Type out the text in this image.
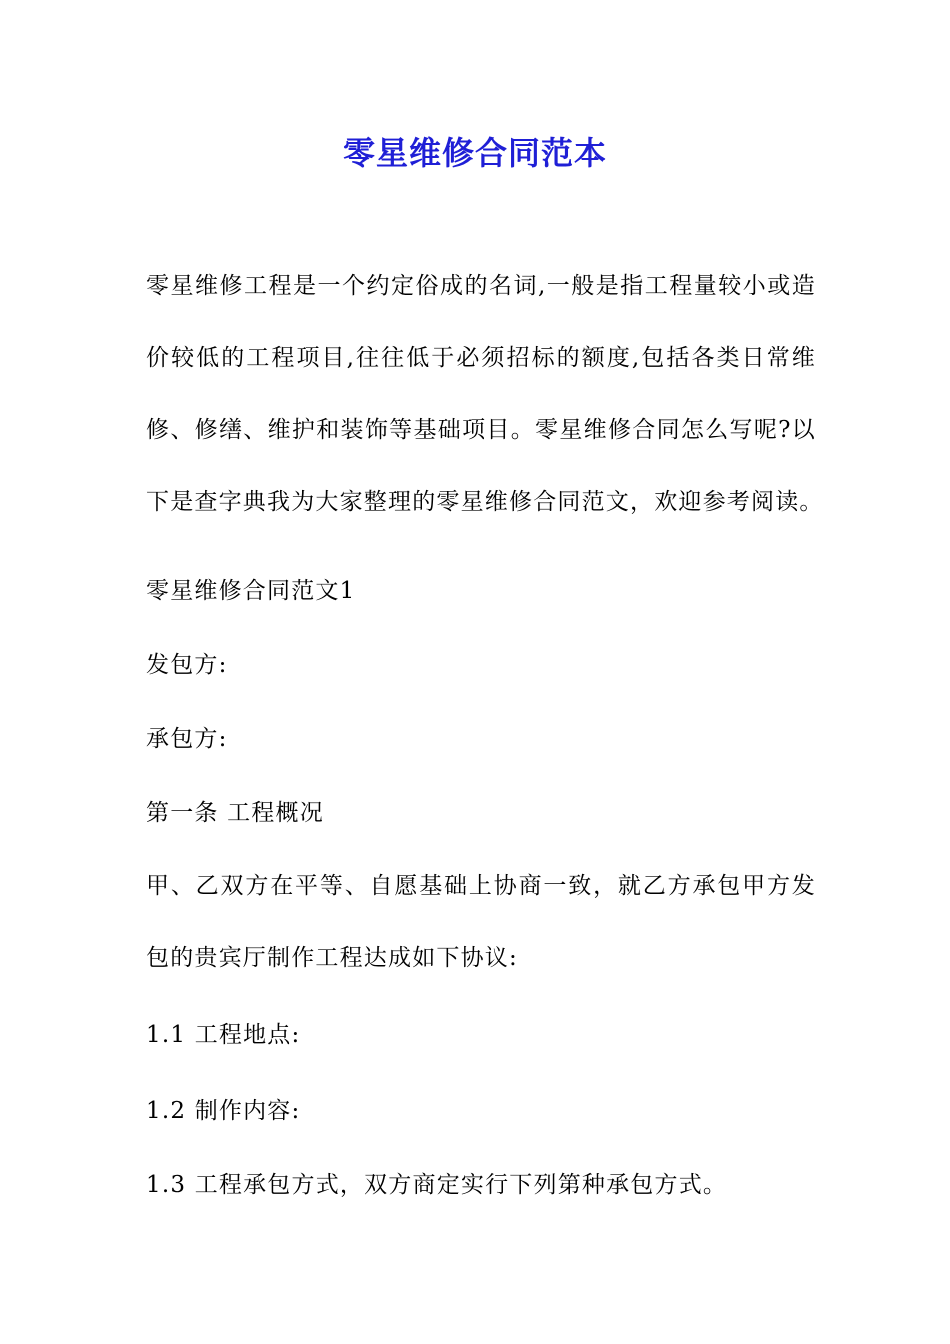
零星维修合同范本
零星维修工程是一个约定俗成的名词,一般是指工程量较小或造
价较低的工程项目,往往低于必须招标的额度,包括各类日常维
修、修缮、维护和装饰等基础项目。零星维修合同怎么写呢?以
下是查字典我为大家整理的零星维修合同范文，欢迎参考阅读。
零星维修合同范文1
发包方:
承包方:
第一条 工程概况
甲、乙双方在平等、自愿基础上协商一致，就乙方承包甲方发
包的贵宾厅制作工程达成如下协议:
1.1 工程地点:
1.2 制作内容:
1.3 工程承包方式，双方商定实行下列第种承包方式。
